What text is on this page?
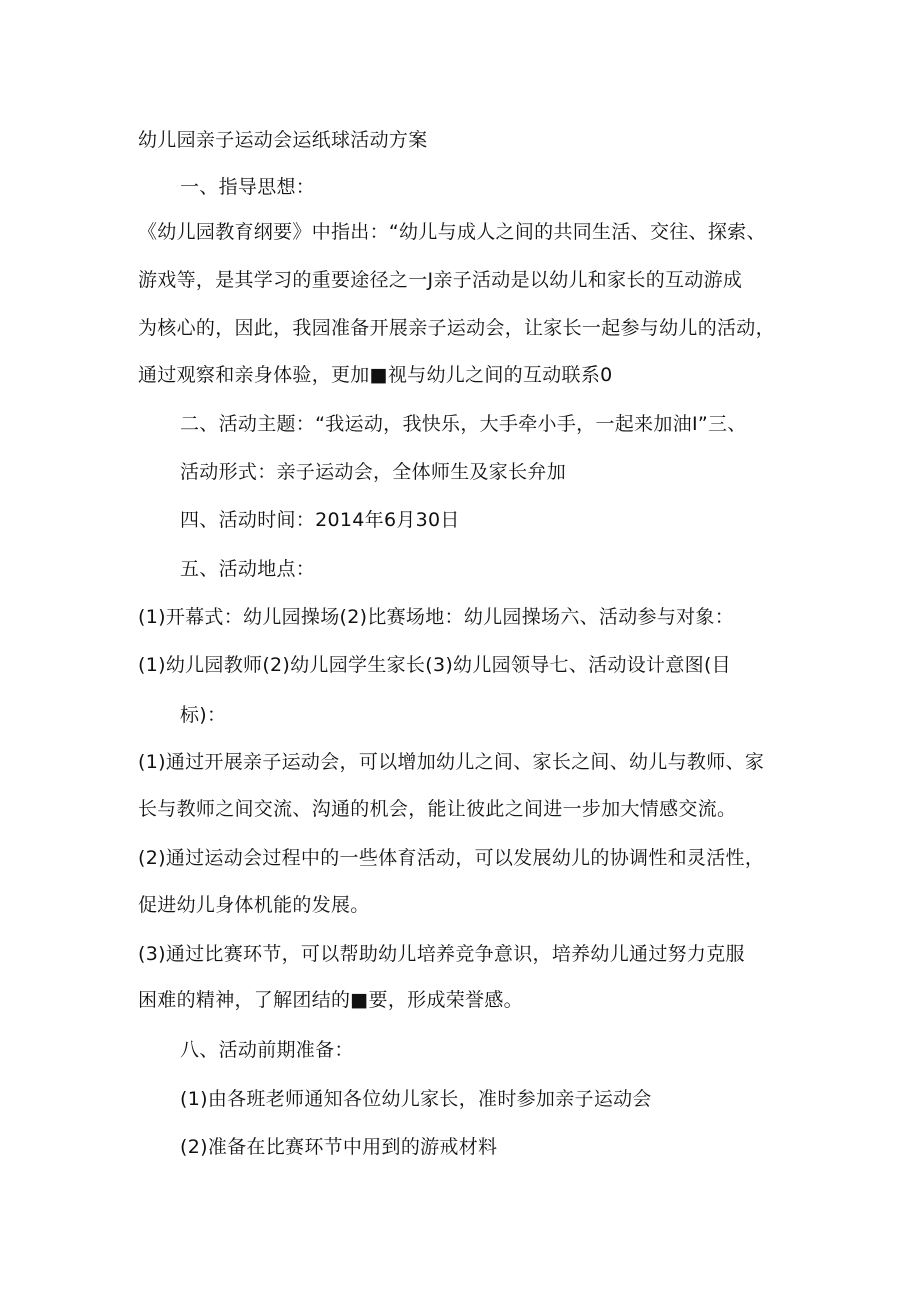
幼儿园亲子运动会运纸球活动方案
一、指导思想：
《幼儿园教育纲要》中指出：“幼儿与成人之间的共同生活、交往、探索、
游戏等，是其学习的重要途径之一J亲子活动是以幼儿和家长的互动游成
为核心的，因此，我园准备开展亲子运动会，让家长一起参与幼儿的活动，
通过观察和亲身体验，更加■视与幼儿之间的互动联系0
二、活动主题：“我运动，我快乐，大手牵小手，一起来加油I”三、
活动形式：亲子运动会，全体师生及家长弁加
四、活动时间：2014年6月30日
五、活动地点：
(1)开幕式：幼儿园操场(2)比赛场地：幼儿园操场六、活动参与对象：
(1)幼儿园教师(2)幼儿园学生家长(3)幼儿园领导七、活动设计意图(目
标)：
(1)通过开展亲子运动会，可以增加幼儿之间、家长之间、幼儿与教师、家
长与教师之间交流、沟通的机会，能让彼此之间进一步加大情感交流。
(2)通过运动会过程中的一些体育活动，可以发展幼儿的协调性和灵活性，
促进幼儿身体机能的发展。
(3)通过比赛环节，可以帮助幼儿培养竞争意识，培养幼儿通过努力克服
困难的精神，了解团结的■要，形成荣誉感。
八、活动前期准备：
(1)由各班老师通知各位幼儿家长，准时参加亲子运动会
(2)准备在比赛环节中用到的游戒材料
